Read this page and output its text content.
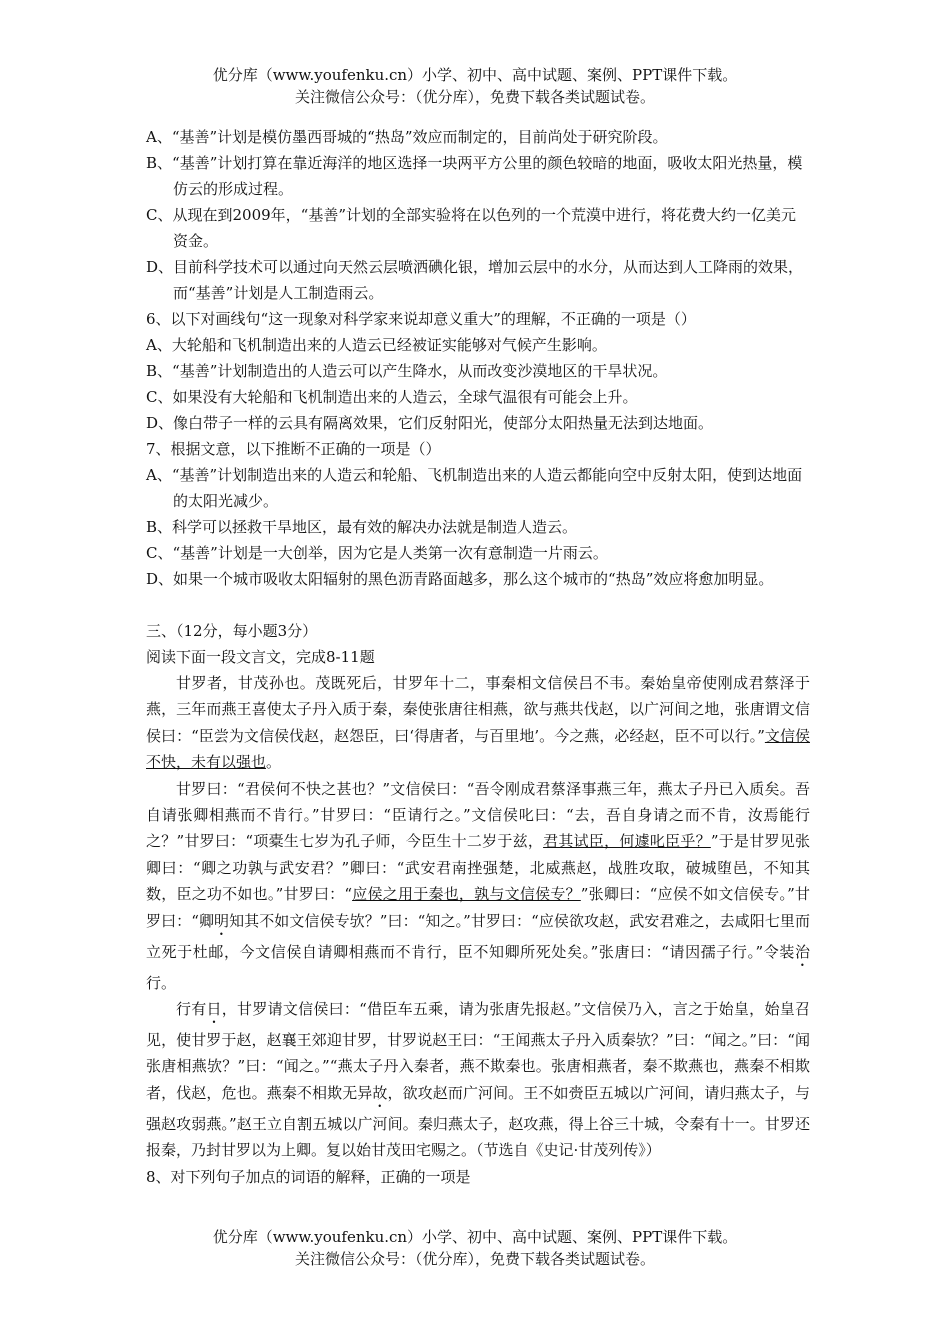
优分库（www.youfenku.cn）小学、初中、高中试题、案例、PPT课件下载。
关注微信公众号：（优分库），免费下载各类试题试卷。

A、“基善”计划是模仿墨西哥城的“热岛”效应而制定的，目前尚处于研究阶段。

B、“基善”计划打算在靠近海洋的地区选择一块两平方公里的颜色较暗的地面，吸收太阳光热量，模仿云的形成过程。

C、从现在到2009年，“基善”计划的全部实验将在以色列的一个荒漠中进行，将花费大约一亿美元资金。

D、目前科学技术可以通过向天然云层喷洒碘化银，增加云层中的水分，从而达到人工降雨的效果，而“基善”计划是人工制造雨云。

6、以下对画线句“这一现象对科学家来说却意义重大”的理解，不正确的一项是（）

A、大轮船和飞机制造出来的人造云已经被证实能够对气候产生影响。

B、“基善”计划制造出的人造云可以产生降水，从而改变沙漠地区的干旱状况。

C、如果没有大轮船和飞机制造出来的人造云，全球气温很有可能会上升。

D、像白带子一样的云具有隔离效果，它们反射阳光，使部分太阳热量无法到达地面。

7、根据文意，以下推断不正确的一项是（）

A、“基善”计划制造出来的人造云和轮船、飞机制造出来的人造云都能向空中反射太阳，使到达地面的太阳光减少。

B、科学可以拯救干旱地区，最有效的解决办法就是制造人造云。

C、“基善”计划是一大创举，因为它是人类第一次有意制造一片雨云。

D、如果一个城市吸收太阳辐射的黑色沥青路面越多，那么这个城市的“热岛”效应将愈加明显。

三、（12分，每小题3分）

阅读下面一段文言文，完成8-11题

甘罗者，甘茂孙也。茂既死后，甘罗年十二，事秦相文信侯吕不韦。秦始皇帝使刚成君蔡泽于燕，三年而燕王喜使太子丹入质于秦，秦使张唐往相燕，欲与燕共伐赵，以广河间之地，张唐谓文信侯曰：“臣尝为文信侯伐赵，赵怨臣，曰‘得唐者，与百里地’。今之燕，必经赵，臣不可以行。”文信侯不快，未有以强也。

甘罗曰：“君侯何不快之甚也？”文信侯曰：“吾令刚成君蔡泽事燕三年，燕太子丹已入质矣。吾自请张卿相燕而不肯行。”甘罗曰：“臣请行之。”文信侯叱曰：“去，吾自身请之而不肯，汝焉能行之？”甘罗曰：“项橐生七岁为孔子师，今臣生十二岁于兹，君其试臣，何遽叱臣乎？”于是甘罗见张卿曰：“卿之功孰与武安君？”卿曰：“武安君南挫强楚，北威燕赵，战胜攻取，破城堕邑，不知其数，臣之功不如也。”甘罗曰：“应侯之用于秦也，孰与文信侯专？”张卿曰：“应侯不如文信侯专。”甘罗曰：“卿明知其不如文信侯专欤？”曰：“知之。”甘罗曰：“应侯欲攻赵，武安君难之，去咸阳七里而立死于杜邮，今文信侯自请卿相燕而不肯行，臣不知卿所死处矣。”张唐曰：“请因孺子行。”令装治行。

行有日，甘罗请文信侯曰：“借臣车五乘，请为张唐先报赵。”文信侯乃入，言之于始皇，始皇召见，使甘罗于赵，赵襄王郊迎甘罗，甘罗说赵王曰：“王闻燕太子丹入质秦欤？”曰：“闻之。”曰：“闻张唐相燕欤？”曰：“闻之。”“燕太子丹入秦者，燕不欺秦也。张唐相燕者，秦不欺燕也，燕秦不相欺者，伐赵，危也。燕秦不相欺无异故，欲攻赵而广河间。王不如赍臣五城以广河间，请归燕太子，与强赵攻弱燕。”赵王立自割五城以广河间。秦归燕太子，赵攻燕，得上谷三十城，令秦有十一。甘罗还报秦，乃封甘罗以为上卿。复以始甘茂田宅赐之。（节选自《史记·甘茂列传》）

8、对下列句子加点的词语的解释，正确的一项是

优分库（www.youfenku.cn）小学、初中、高中试题、案例、PPT课件下载。
关注微信公众号：（优分库），免费下载各类试题试卷。
